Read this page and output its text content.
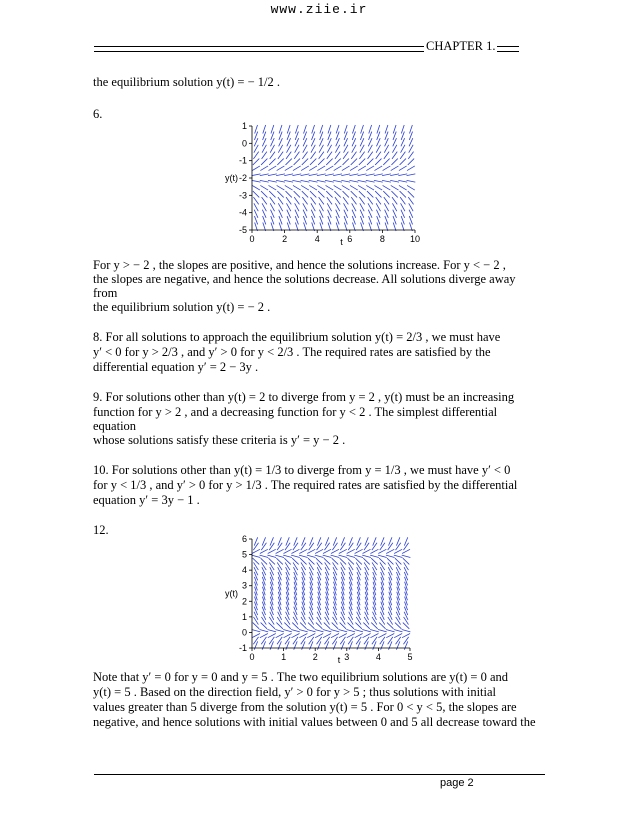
www.ziie.ir
CHAPTER 1.
the equilibrium solution y(t) = − 1/2 .
6.
0	2	4	6	8	10
1
0
-1
-2
-3
-4
-5
t
y(t)
For y > − 2 , the slopes are positive, and hence the solutions increase. For y < − 2 ,
the slopes are negative, and hence the solutions decrease. All solutions diverge away
from
the equilibrium solution y(t) = − 2 .
8. For all solutions to approach the equilibrium solution y(t) = 2/3 , we must have
y′ < 0 for y > 2/3 , and y′ > 0 for y < 2/3 . The required rates are satisfied by the
differential equation y′ = 2 − 3y .
9. For solutions other than y(t) = 2 to diverge from y = 2 , y(t) must be an increasing
function for y > 2 , and a decreasing function for y < 2 . The simplest differential
equation
whose solutions satisfy these criteria is y′ = y − 2 .
10. For solutions other than y(t) = 1/3 to diverge from y = 1/3 , we must have y′ < 0
for y < 1/3 , and y′ > 0 for y > 1/3 . The required rates are satisfied by the differential
equation y′ = 3y − 1 .
12.
0	1	2	3	4	5
6
5
4
3
2
1
0
-1
t
y(t)
Note that y′ = 0 for y = 0 and y = 5 . The two equilibrium solutions are y(t) = 0 and
y(t) = 5 . Based on the direction field, y′ > 0 for y > 5 ; thus solutions with initial
values greater than 5 diverge from the solution y(t) = 5 . For 0 < y < 5, the slopes are
negative, and hence solutions with initial values between 0 and 5 all decrease toward the
page 2
